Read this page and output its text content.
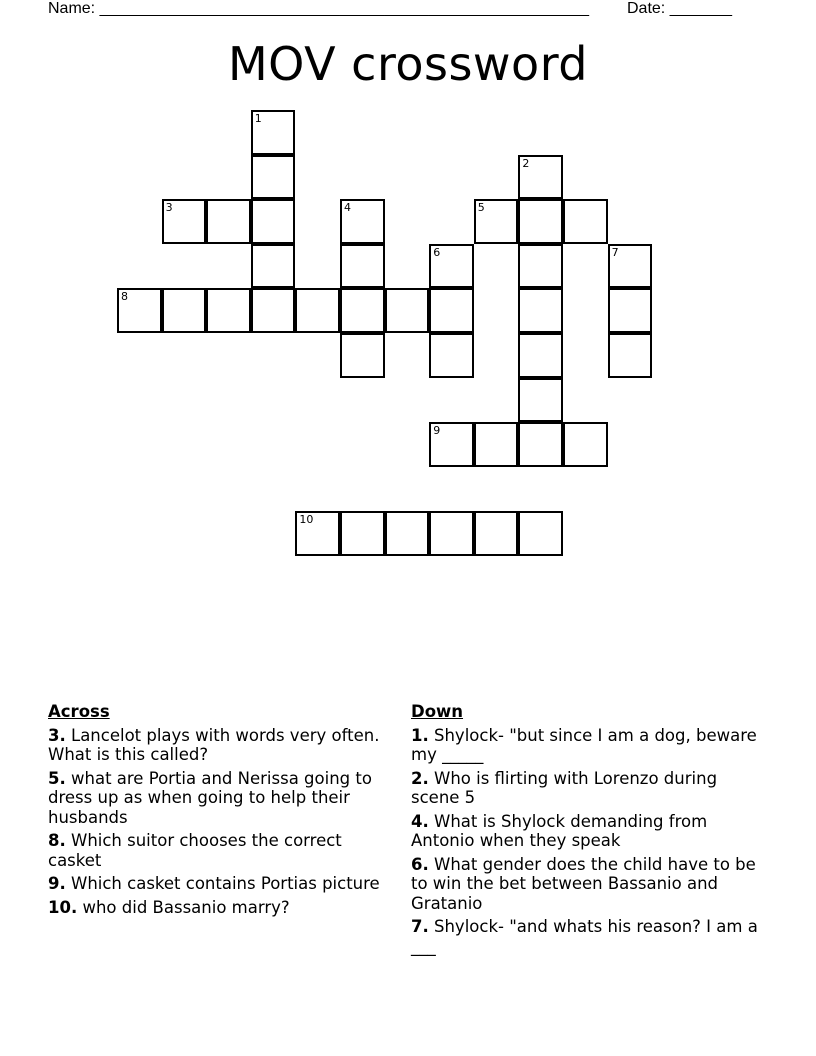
Name: _______________________________________________________ Date: _______
MOV crossword
1
2
3	4	5
6	7
8
9
10
Across
3. Lancelot plays with words very often. What is this called?
5. what are Portia and Nerissa going to dress up as when going to help their husbands
8. Which suitor chooses the correct casket
9. Which casket contains Portias picture
10. who did Bassanio marry?
Down
1. Shylock- "but since I am a dog, beware my _____
2. Who is flirting with Lorenzo during scene 5
4. What is Shylock demanding from Antonio when they speak
6. What gender does the child have to be to win the bet between Bassanio and Gratanio
7. Shylock- "and whats his reason? I am a ___
